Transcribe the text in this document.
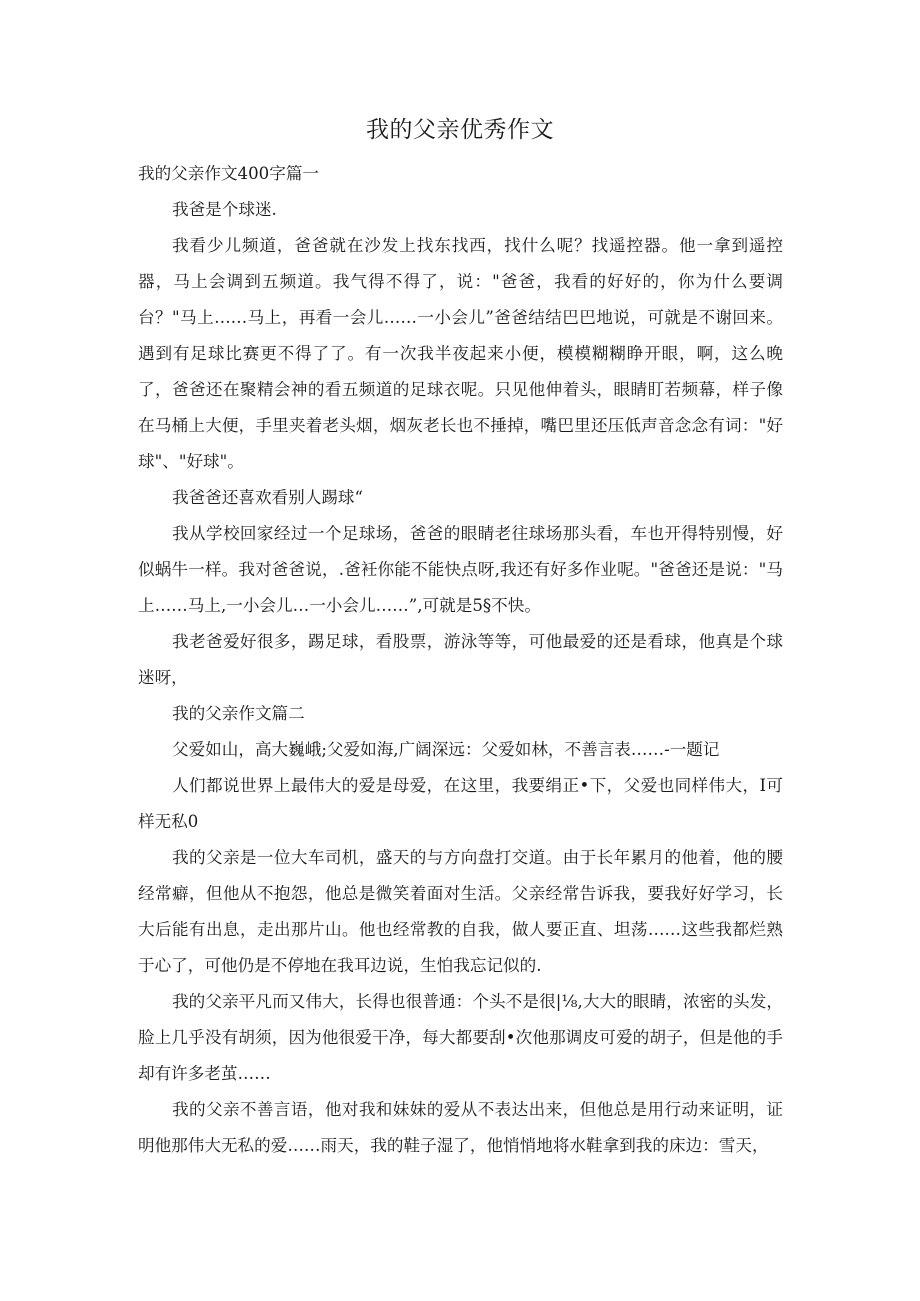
我的父亲优秀作文

我的父亲作文400字篇一

我爸是个球迷.

我看少儿频道，爸爸就在沙发上找东找西，找什么呢？找遥控器。他一拿到遥控器，马上会调到五频道。我气得不得了，说："爸爸，我看的好好的，你为什么要调台？"马上……马上，再看一会儿……一小会儿”爸爸结结巴巴地说，可就是不谢回来。遇到有足球比赛更不得了了。有一次我半夜起来小便，模模糊糊睁开眼，啊，这么晚了，爸爸还在聚精会神的看五频道的足球衣呢。只见他伸着头，眼睛盯若频幕，样子像在马桶上大便，手里夹着老头烟，烟灰老长也不捶掉，嘴巴里还压低声音念念有词："好球"、"好球"。

我爸爸还喜欢看别人踢球“

我从学校回家经过一个足球场，爸爸的眼睛老往球场那头看，车也开得特别慢，好似蜗牛一样。我对爸爸说，.爸衽你能不能快点呀,我还有好多作业呢。"爸爸还是说："马上……马上,一小会儿…一小会儿……”,可就是5§不快。

我老爸爱好很多，踢足球，看股票，游泳等等，可他最爱的还是看球，他真是个球迷呀，

我的父亲作文篇二

父爱如山，高大巍峨;父爱如海,广阔深远：父爱如林，不善言表……-一题记

人们都说世界上最伟大的爱是母爱，在这里，我要绢正•下，父爱也同样伟大，I可样无私0

我的父亲是一位大车司机，盛天的与方向盘打交道。由于长年累月的他着，他的腰经常癖，但他从不抱怨，他总是微笑着面对生活。父亲经常告诉我，要我好好学习，长大后能有出息，走出那片山。他也经常教的自我，做人要正直、坦荡……这些我都烂熟于心了，可他仍是不停地在我耳边说，生怕我忘记似的.

我的父亲平凡而又伟大，长得也很普通：个头不是很|⅛,大大的眼睛，浓密的头发，脸上几乎没有胡须，因为他很爱干净，每大都要刮•次他那调皮可爱的胡子，但是他的手却有许多老茧……

我的父亲不善言语，他对我和妹妹的爱从不表达出来，但他总是用行动来证明，证明他那伟大无私的爱……雨天，我的鞋子湿了，他悄悄地将水鞋拿到我的床边：雪天，
